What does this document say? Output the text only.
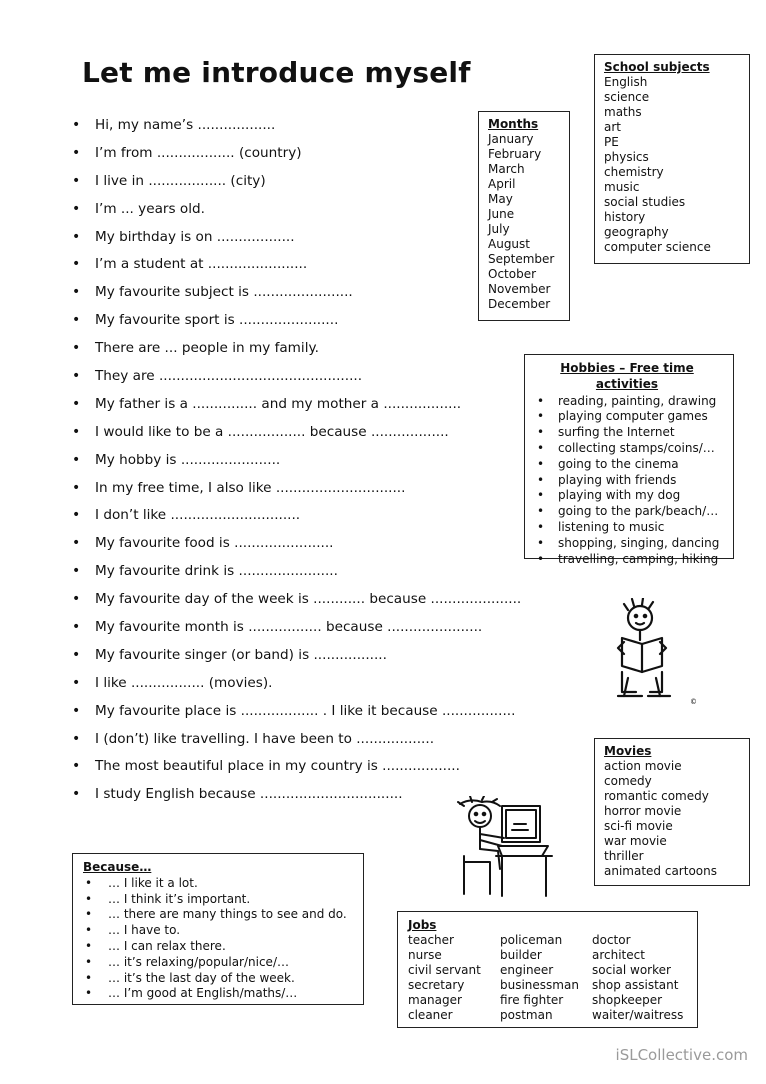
Let me introduce myself
• Hi, my name’s ..................
• I’m from .................. (country)
• I live in .................. (city)
• I’m ... years old.
• My birthday is on ..................
• I’m a student at .......................
• My favourite subject is .......................
• My favourite sport is .......................
• There are ... people in my family.
• They are ...............................................
• My father is a ............... and my mother a ..................
• I would like to be a .................. because ..................
• My hobby is .......................
• In my free time, I also like ..............................
• I don’t like ..............................
• My favourite food is .......................
• My favourite drink is .......................
• My favourite day of the week is ............ because .....................
• My favourite month is ................. because ......................
• My favourite singer (or band) is .................
• I like ................. (movies).
• My favourite place is .................. . I like it because .................
• I (don’t) like travelling. I have been to ..................
• The most beautiful place in my country is ..................
• I study English because .................................
Months
January
February
March
April
May
June
July
August
September
October
November
December
School subjects
English
science
maths
art
PE
physics
chemistry
music
social studies
history
geography
computer science
Hobbies – Free time activities
• reading, painting, drawing
• playing computer games
• surfing the Internet
• collecting stamps/coins/…
• going to the cinema
• playing with friends
• playing with my dog
• going to the park/beach/…
• listening to music
• shopping, singing, dancing
• travelling, camping, hiking
Movies
action movie
comedy
romantic comedy
horror movie
sci-fi movie
war movie
thriller
animated cartoons
Because…
• … I like it a lot.
• … I think it’s important.
• … there are many things to see and do.
• … I have to.
• … I can relax there.
• … it’s relaxing/popular/nice/…
• … it’s the last day of the week.
• … I’m good at English/maths/…
Jobs
teacher	policeman	doctor
nurse	builder	architect
civil servant	engineer	social worker
secretary	businessman	shop assistant
manager	fire fighter	shopkeeper
cleaner	postman	waiter/waitress
©
iSLCollective.com
